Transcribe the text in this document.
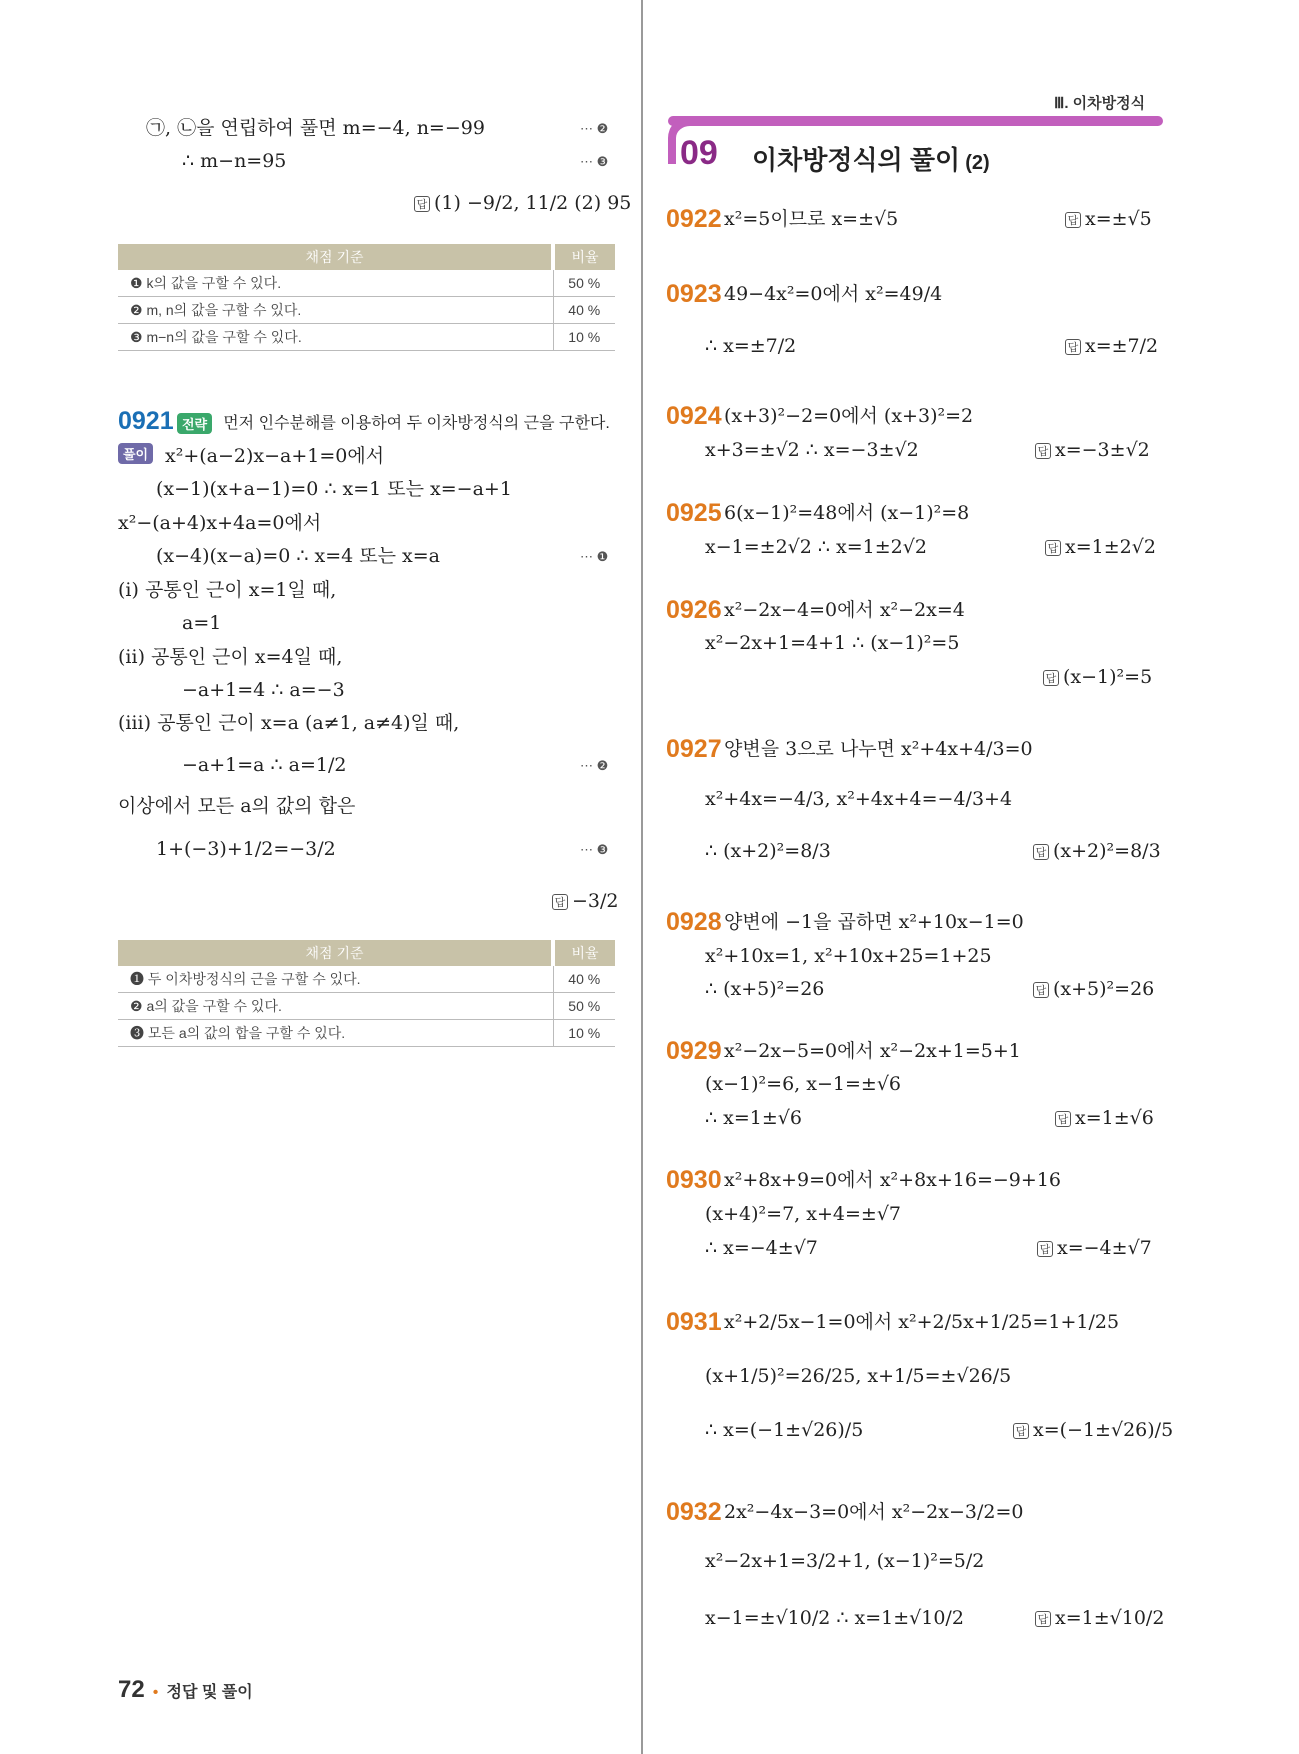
㉠, ㉡을 연립하여 풀면 m=−4, n=−99	⋯ ❷
∴ m−n=95	⋯ ❸
답 (1) −9/2, 11/2 (2) 95
채점 기준	비율
❶ k의 값을 구할 수 있다.	50 %
❷ m, n의 값을 구할 수 있다.	40 %
❸ m−n의 값을 구할 수 있다.	10 %
0921 전략 먼저 인수분해를 이용하여 두 이차방정식의 근을 구한다.
풀이 x²+(a−2)x−a+1=0에서
(x−1)(x+a−1)=0 ∴ x=1 또는 x=−a+1
x²−(a+4)x+4a=0에서
(x−4)(x−a)=0 ∴ x=4 또는 x=a	⋯ ❶
(ⅰ) 공통인 근이 x=1일 때,
a=1
(ⅱ) 공통인 근이 x=4일 때,
−a+1=4 ∴ a=−3
(ⅲ) 공통인 근이 x=a (a≠1, a≠4)일 때,
−a+1=a ∴ a=1/2	⋯ ❷
이상에서 모든 a의 값의 합은
1+(−3)+1/2=−3/2	⋯ ❸
답 −3/2
채점 기준	비율
❶ 두 이차방정식의 근을 구할 수 있다.	40 %
❷ a의 값을 구할 수 있다.	50 %
❸ 모든 a의 값의 합을 구할 수 있다.	10 %
72 • 정답 및 풀이
Ⅲ. 이차방정식
09 이차방정식의 풀이 (2)
0922 x²=5이므로 x=±√5	답 x=±√5
0923 49−4x²=0에서 x²=49/4
∴ x=±7/2	답 x=±7/2
0924 (x+3)²−2=0에서 (x+3)²=2
x+3=±√2 ∴ x=−3±√2	답 x=−3±√2
0925 6(x−1)²=48에서 (x−1)²=8
x−1=±2√2 ∴ x=1±2√2	답 x=1±2√2
0926 x²−2x−4=0에서 x²−2x=4
x²−2x+1=4+1 ∴ (x−1)²=5
답 (x−1)²=5
0927 양변을 3으로 나누면 x²+4x+4/3=0
x²+4x=−4/3, x²+4x+4=−4/3+4
∴ (x+2)²=8/3	답 (x+2)²=8/3
0928 양변에 −1을 곱하면 x²+10x−1=0
x²+10x=1, x²+10x+25=1+25
∴ (x+5)²=26	답 (x+5)²=26
0929 x²−2x−5=0에서 x²−2x+1=5+1
(x−1)²=6, x−1=±√6
∴ x=1±√6	답 x=1±√6
0930 x²+8x+9=0에서 x²+8x+16=−9+16
(x+4)²=7, x+4=±√7
∴ x=−4±√7	답 x=−4±√7
0931 x²+2/5x−1=0에서 x²+2/5x+1/25=1+1/25
(x+1/5)²=26/25, x+1/5=±√26/5
∴ x=(−1±√26)/5	답 x=(−1±√26)/5
0932 2x²−4x−3=0에서 x²−2x−3/2=0
x²−2x+1=3/2+1, (x−1)²=5/2
x−1=±√10/2 ∴ x=1±√10/2	답 x=1±√10/2
